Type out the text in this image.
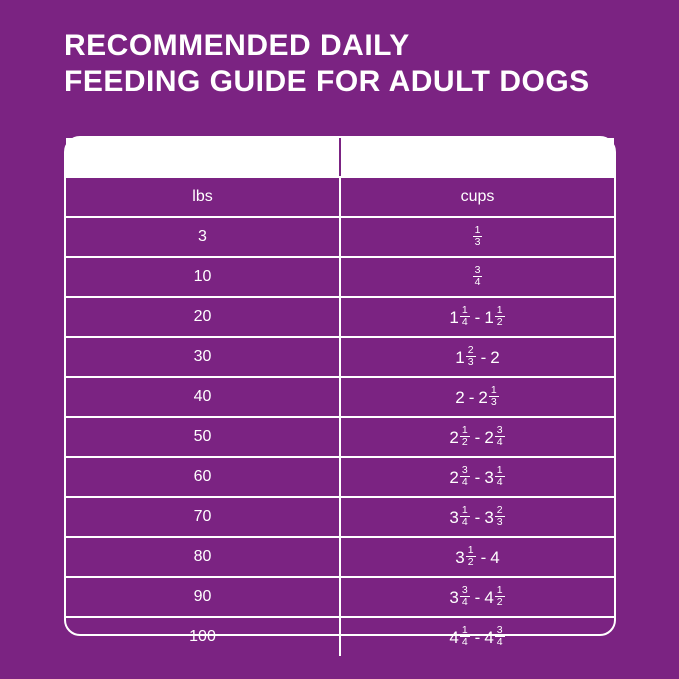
RECOMMENDED DAILY
FEEDING GUIDE FOR ADULT DOGS
Weight of dog	Amount per day
lbs	cups
3	$\frac{1}{3}$

10	$\frac{3}{4}$

20	$1 \frac{1}{4} - 1 \frac{1}{2}$

30	$1 \frac{2}{3} - 2$
40	$2 - 2 \frac{1}{3}$

50	$2 \frac{1}{2} - 2 \frac{3}{4}$

60	$2 \frac{3}{4} - 3 \frac{1}{4}$

70	$3 \frac{1}{4} - 3 \frac{2}{3}$

80	$3 \frac{1}{2} - 4$
90	$3 \frac{3}{4} - 4 \frac{1}{2}$

100	$4 \frac{1}{4} - 4 \frac{3}{4}$
